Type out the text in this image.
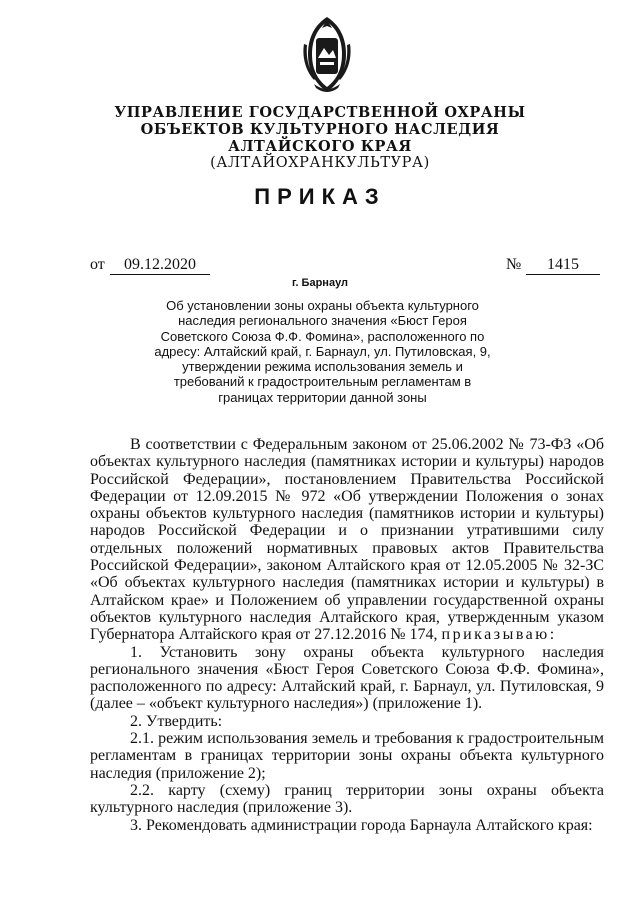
УПРАВЛЕНИЕ ГОСУДАРСТВЕННОЙ ОХРАНЫ
ОБЪЕКТОВ КУЛЬТУРНОГО НАСЛЕДИЯ
АЛТАЙСКОГО КРАЯ
(АЛТАЙОХРАНКУЛЬТУРА)
ПРИКАЗ
от	09.12.2020	№	1415
г. Барнаул
Об установлении зоны охраны объекта культурного наследия регионального значения «Бюст Героя Советского Союза Ф.Ф. Фомина», расположенного по адресу: Алтайский край, г. Барнаул, ул. Путиловская, 9, утверждении режима использования земель и требований к градостроительным регламентам в границах территории данной зоны

В соответствии с Федеральным законом от 25.06.2002 № 73-ФЗ «Об объектах культурного наследия (памятниках истории и культуры) народов Российской Федерации», постановлением Правительства Российской Федерации от 12.09.2015 № 972 «Об утверждении Положения о зонах охраны объектов культурного наследия (памятников истории и культуры) народов Российской Федерации и о признании утратившими силу отдельных положений нормативных правовых актов Правительства Российской Федерации», законом Алтайского края от 12.05.2005 № 32-ЗС «Об объектах культурного наследия (памятниках истории и культуры) в Алтайском крае» и Положением об управлении государственной охраны объектов культурного наследия Алтайского края, утвержденным указом Губернатора Алтайского края от 27.12.2016 № 174, приказываю:

1. Установить зону охраны объекта культурного наследия регионального значения «Бюст Героя Советского Союза Ф.Ф. Фомина», расположенного по адресу: Алтайский край, г. Барнаул, ул. Путиловская, 9 (далее – «объект культурного наследия») (приложение 1).

2. Утвердить:

2.1. режим использования земель и требования к градостроительным регламентам в границах территории зоны охраны объекта культурного наследия (приложение 2);

2.2. карту (схему) границ территории зоны охраны объекта культурного наследия (приложение 3).

3. Рекомендовать администрации города Барнаула Алтайского края:
